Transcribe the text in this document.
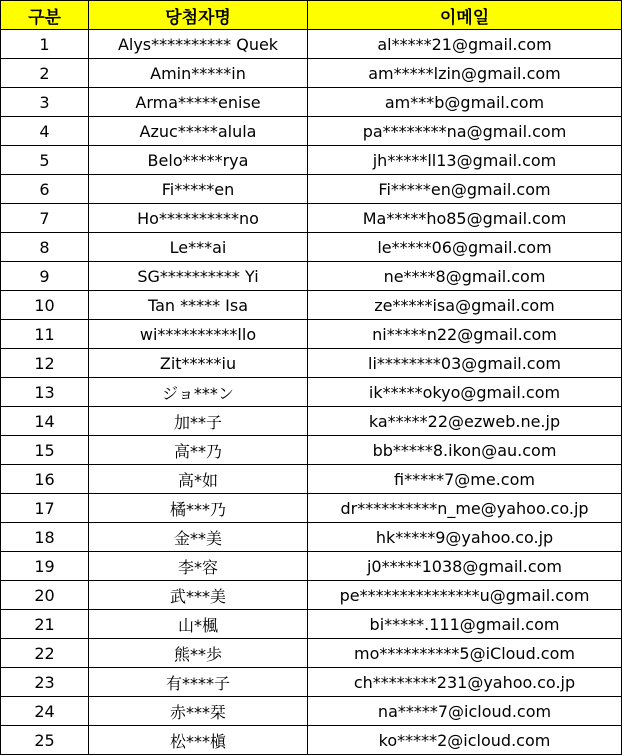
구분	당첨자명	이메일
1	Alys********** Quek	al*****21@gmail.com
2	Amin*****in	am*****lzin@gmail.com
3	Arma*****enise	am***b@gmail.com
4	Azuc*****alula	pa********na@gmail.com
5	Belo*****rya	jh*****ll13@gmail.com
6	Fi*****en	Fi*****en@gmail.com
7	Ho**********no	Ma*****ho85@gmail.com
8	Le***ai	le*****06@gmail.com
9	SG********** Yi	ne****8@gmail.com
10	Tan ***** Isa	ze*****isa@gmail.com
11	wi**********llo	ni*****n22@gmail.com
12	Zit*****iu	li********03@gmail.com
13	ジョ***ン	ik*****okyo@gmail.com
14	加**子	ka*****22@ezweb.ne.jp
15	高**乃	bb*****8.ikon@au.com
16	高*如	fi*****7@me.com
17	橘***乃	dr**********n_me@yahoo.co.jp
18	金**美	hk*****9@yahoo.co.jp
19	李*容	j0*****1038@gmail.com
20	武***美	pe***************u@gmail.com
21	山*楓	bi*****.111@gmail.com
22	熊**歩	mo**********5@iCloud.com
23	有****子	ch********231@yahoo.co.jp
24	赤***栞	na*****7@icloud.com
25	松***槇	ko*****2@icloud.com
